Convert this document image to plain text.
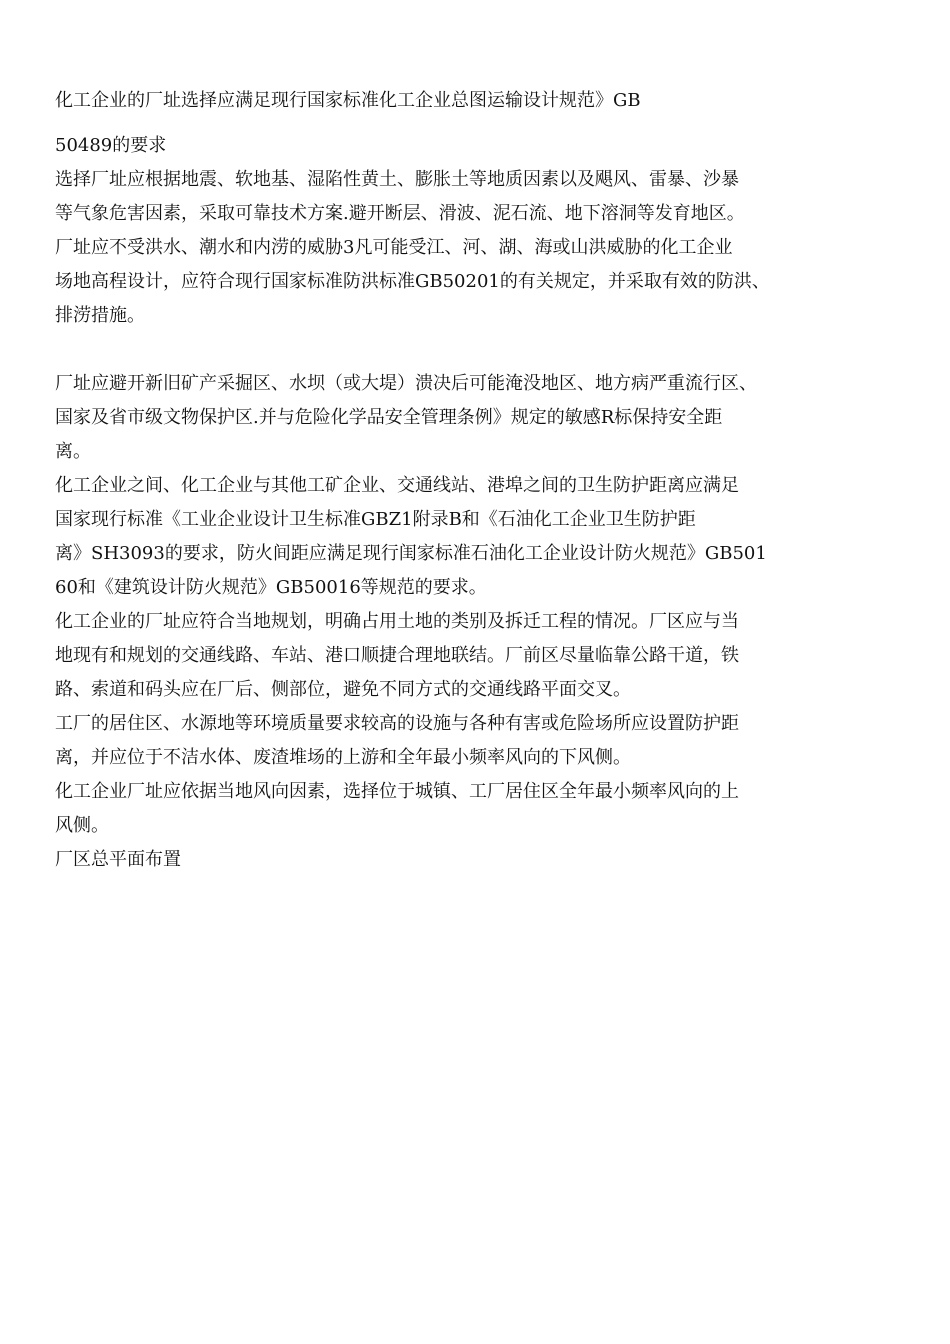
化工企业的厂址选择应满足现行国家标准化工企业总图运输设计规范》GB
50489的要求
选择厂址应根据地震、软地基、湿陷性黄土、膨胀土等地质因素以及飓风、雷暴、沙暴
等气象危害因素，采取可靠技术方案.避开断层、滑波、泥石流、地下溶洞等发育地区。
厂址应不受洪水、潮水和内涝的威胁3凡可能受江、河、湖、海或山洪威胁的化工企业
场地高程设计，应符合现行国家标准防洪标准GB50201的有关规定，并采取有效的防洪、
排涝措施。
厂址应避开新旧矿产采掘区、水坝（或大堤）溃决后可能淹没地区、地方病严重流行区、
国家及省市级文物保护区.并与危险化学品安全管理条例》规定的敏感R标保持安全距
离。
化工企业之间、化工企业与其他工矿企业、交通线站、港埠之间的卫生防护距离应满足
国家现行标准《工业企业设计卫生标准GBZ1附录B和《石油化工企业卫生防护距
离》SH3093的要求，防火间距应满足现行闺家标准石油化工企业设计防火规范》GB501
60和《建筑设计防火规范》GB50016等规范的要求。
化工企业的厂址应符合当地规划，明确占用土地的类别及拆迁工程的情况。厂区应与当
地现有和规划的交通线路、车站、港口顺捷合理地联结。厂前区尽量临靠公路干道，铁
路、索道和码头应在厂后、侧部位，避免不同方式的交通线路平面交叉。
工厂的居住区、水源地等环境质量要求较高的设施与各种有害或危险场所应设置防护距
离，并应位于不洁水体、废渣堆场的上游和全年最小频率风向的下风侧。
化工企业厂址应依据当地风向因素，选择位于城镇、工厂居住区全年最小频率风向的上
风侧。
厂区总平面布置
